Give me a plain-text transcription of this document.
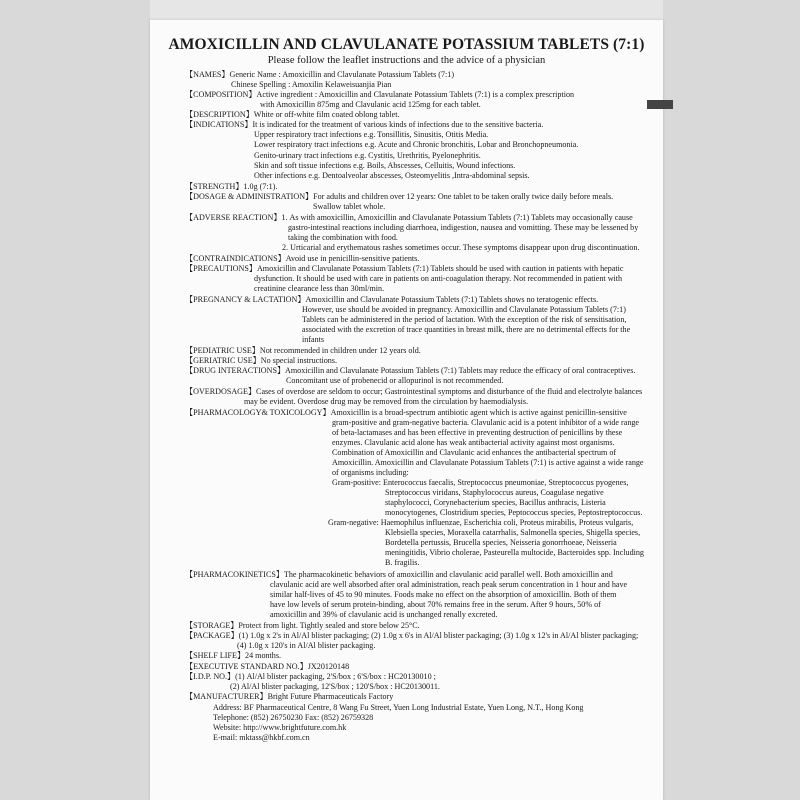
AMOXICILLIN AND CLAVULANATE POTASSIUM TABLETS (7:1)
Please follow the leaflet instructions and the advice of a physician
【NAMES】Generic Name : Amoxicillin and Clavulanate Potassium Tablets (7:1)
Chinese Spelling : Amoxilin Kelaweisuanjia Pian
【COMPOSITION】Active ingredient : Amoxicillin and Clavulanate Potassium Tablets (7:1) is a complex prescription
with Amoxicillin 875mg and Clavulanic acid 125mg for each tablet.
【DESCRIPTION】White or off-white film coated oblong tablet.
【INDICATIONS】It is indicated for the treatment of various kinds of infections due to the sensitive bacteria.
Upper respiratory tract infections e.g. Tonsillitis, Sinusitis, Otitis Media.
Lower respiratory tract infections e.g. Acute and Chronic bronchitis, Lobar and Bronchopneumonia.
Genito-urinary tract infections e.g. Cystitis, Urethritis, Pyelonephritis.
Skin and soft tissue infections e.g. Boils, Abscesses, Celluitis, Wound infections.
Other infections e.g. Dentoalveolar abscesses, Osteomyelitis ,Intra-abdominal sepsis.
【STRENGTH】1.0g (7:1).
【DOSAGE & ADMINISTRATION】For adults and children over 12 years: One tablet to be taken orally twice daily before meals.
Swallow tablet whole.
【ADVERSE REACTION】1. As with amoxicillin, Amoxicillin and Clavulanate Potassium Tablets (7:1) Tablets may occasionally cause
gastro-intestinal reactions including diarrhoea, indigestion, nausea and vomitting. These may be lessened by
taking the combination with food.
2. Urticarial and erythematous rashes sometimes occur. These symptoms disappear upon drug discontinuation.
【CONTRAINDICATIONS】Avoid use in penicillin-sensitive patients.
【PRECAUTIONS】Amoxicillin and Clavulanate Potassium Tablets (7:1) Tablets should be used with caution in patients with hepatic
dysfunction. It should be used with care in patients on anti-coagulation therapy. Not recommended in patient with
creatinine clearance less than 30ml/min.
【PREGNANCY & LACTATION】Amoxicillin and Clavulanate Potassium Tablets (7:1) Tablets shows no teratogenic effects.
However, use should be avoided in pregnancy. Amoxicillin and Clavulanate Potassium Tablets (7:1)
Tablets can be administered in the period of lactation. With the exception of the risk of sensitisation,
associated with the excretion of trace quantities in breast milk, there are no detrimental effects for the
infants
【PEDIATRIC USE】Not recommended in children under 12 years old.
【GERIATRIC USE】No special instructions.
【DRUG INTERACTIONS】Amoxicillin and Clavulanate Potassium Tablets (7:1) Tablets may reduce the efficacy of oral contraceptives.
Concomitant use of probenecid or allopurinol is not recommended.
【OVERDOSAGE】Cases of overdose are seldom to occur; Gastrointestinal symptoms and disturbance of the fluid and electrolyte balances
may be evident. Overdose drug may be removed from the circulation by haemodialysis.
【PHARMACOLOGY& TOXICOLOGY】Amoxicillin is a broad-spectrum antibiotic agent which is active against penicillin-sensitive
gram-positive and gram-negative bacteria. Clavulanic acid is a potent inhibitor of a wide range
of beta-lactamases and has been effective in preventing destruction of penicillins by these
enzymes. Clavulanic acid alone has weak antibacterial activity against most organisms.
Combination of Amoxicillin and Clavulanic acid enhances the antibacterial spectrum of
Amoxicillin. Amoxicillin and Clavulanate Potassium Tablets (7:1) is active against a wide range
of organisms including:
Gram-positive: Enterococcus faecalis, Streptococcus pneumoniae, Streptococcus pyogenes,
Streptococcus viridans, Staphylococcus aureus, Coagulase negative
staphylococci, Corynebacterium species, Bacillus anthracis, Listeria
monocytogenes, Clostridium species, Peptococcus species, Peptostreptococcus.
Gram-negative: Haemophilus influenzae, Escherichia coli, Proteus mirabilis, Proteus vulgaris,
Klebsiella species, Moraxella catarrhalis, Salmonella species, Shigella species,
Bordetella pertussis, Brucella species, Neisseria gonorrhoeae, Neisseria
meningitidis, Vibrio cholerae, Pasteurella multocide, Bacteroides spp. Including
B. fragilis.
【PHARMACOKINETICS】The pharmacokinetic behaviors of amoxicillin and clavulanic acid parallel well. Both amoxicillin and
clavulanic acid are well absorbed after oral administration, reach peak serum concentration in 1 hour and have
similar half-lives of 45 to 90 minutes. Foods make no effect on the absorption of amoxicillin. Both of them
have low levels of serum protein-binding, about 70% remains free in the serum. After 9 hours, 50% of
amoxicillin and 39% of clavulanic acid is unchanged renally excreted.
【STORAGE】Protect from light. Tightly sealed and store below 25°C.
【PACKAGE】(1) 1.0g x 2's in Al/Al blister packaging; (2) 1.0g x 6's in Al/Al blister packaging; (3) 1.0g x 12's in Al/Al blister packaging;
(4) 1.0g x 120's in Al/Al blister packaging.
【SHELF LIFE】24 months.
【EXECUTIVE STANDARD NO.】JX20120148
【I.D.P. NO.】(1) Al/Al blister packaging, 2'S/box ; 6'S/box : HC20130010 ;
(2) Al/Al blister packaging, 12'S/box ; 120'S/box : HC20130011.
【MANUFACTURER】Bright Future Pharmaceuticals Factory
Address: BF Pharmaceutical Centre, 8 Wang Fu Street, Yuen Long Industrial Estate, Yuen Long, N.T., Hong Kong
Telephone: (852) 26750230 Fax: (852) 26759328
Website: http://www.brightfuture.com.hk
E-mail: mktass@hkbf.com.cn
